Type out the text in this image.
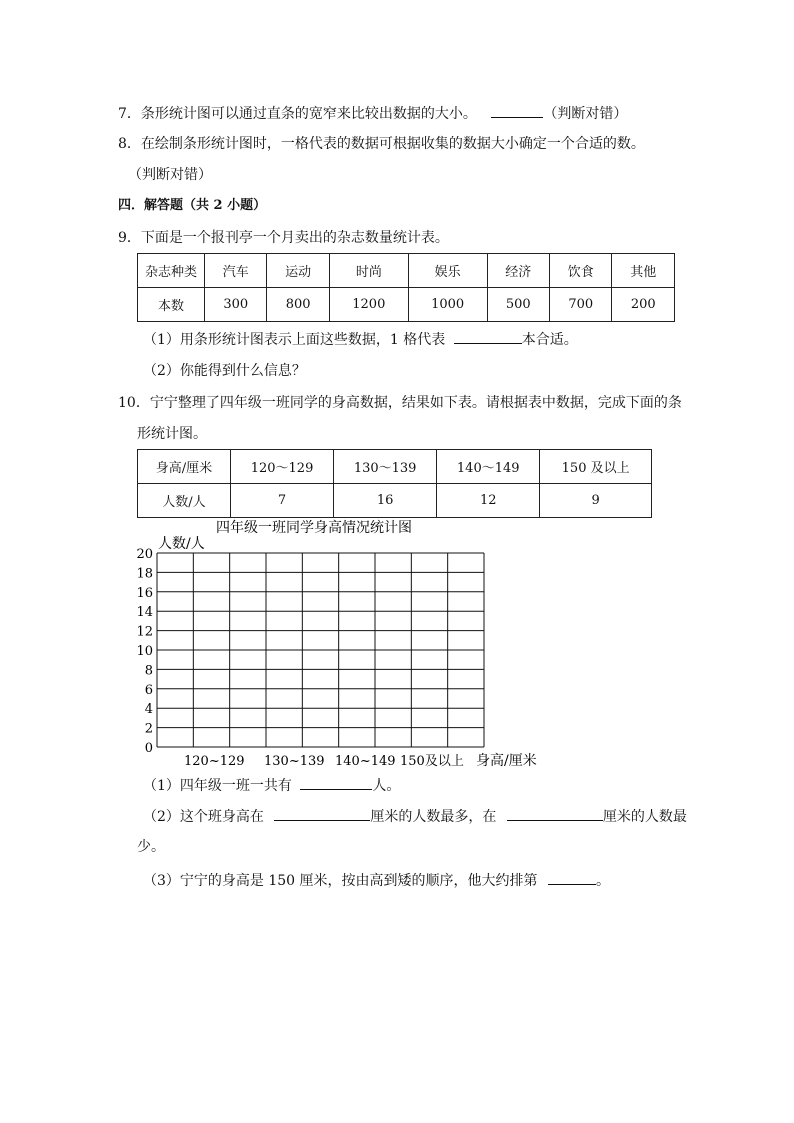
7．条形统计图可以通过直条的宽窄来比较出数据的大小。	（判断对错）
8．在绘制条形统计图时，一格代表的数据可根据收集的数据大小确定一个合适的数。
（判断对错）
四．解答题（共 2 小题）
9．下面是一个报刊亭一个月卖出的杂志数量统计表。
杂志种类	汽车	运动	时尚	娱乐	经济	饮食	其他
本数	300	800	1200	1000	500	700	200
（1）用条形统计图表示上面这些数据，1 格代表	本合适。
（2）你能得到什么信息？
10．宁宁整理了四年级一班同学的身高数据，结果如下表。请根据表中数据，完成下面的条
形统计图。
身高/厘米	120～129	130～139	140～149	150 及以上
人数/人	7	16	12	9
四年级一班同学身高情况统计图
人数/人
0
2
4
6
8
10
12
14
16
18
20
120~129 130~139 140~149 150及以上 身高/厘米
（1）四年级一班一共有	人。
（2）这个班身高在	厘米的人数最多，在	厘米的人数最
少。
（3）宁宁的身高是 150 厘米，按由高到矮的顺序，他大约排第	。
